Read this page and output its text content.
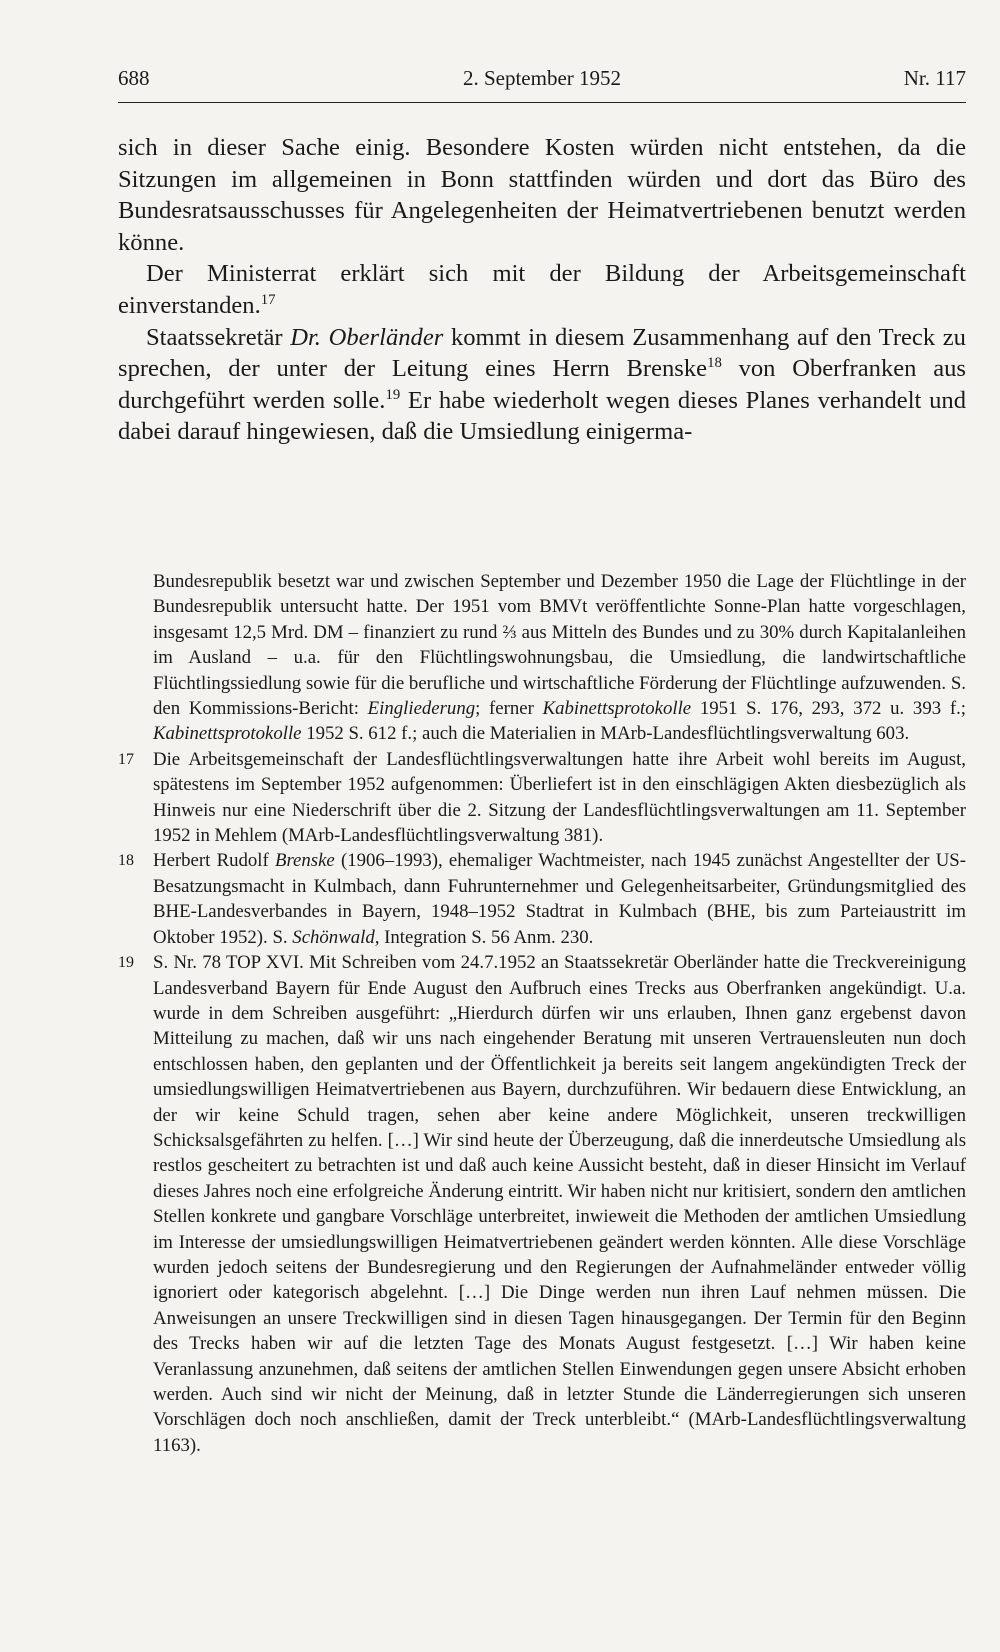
688	2. September 1952	Nr. 117

sich in dieser Sache einig. Besondere Kosten würden nicht entstehen, da die Sitzungen im allgemeinen in Bonn stattfinden würden und dort das Büro des Bundesratsausschusses für Angelegenheiten der Heimatvertriebenen benutzt werden könne.

Der Ministerrat erklärt sich mit der Bildung der Arbeitsgemeinschaft einverstanden.$^{17}$

Staatssekretär Dr. Oberländer kommt in diesem Zusammenhang auf den Treck zu sprechen, der unter der Leitung eines Herrn Brenske$^{18}$ von Oberfranken aus durchgeführt werden solle.$^{19}$ Er habe wiederholt wegen dieses Planes verhandelt und dabei darauf hingewiesen, daß die Umsiedlung einigerma-

Bundesrepublik besetzt war und zwischen September und Dezember 1950 die Lage der Flüchtlinge in der Bundesrepublik untersucht hatte. Der 1951 vom BMVt veröffentlichte Sonne-Plan hatte vorgeschlagen, insgesamt 12,5 Mrd. DM – finanziert zu rund ⅔ aus Mitteln des Bundes und zu 30% durch Kapitalanleihen im Ausland – u.a. für den Flüchtlingswohnungsbau, die Umsiedlung, die landwirtschaftliche Flüchtlingssiedlung sowie für die berufliche und wirtschaftliche Förderung der Flüchtlinge aufzuwenden. S. den Kommissions-Bericht: Eingliederung; ferner Kabinettsprotokolle 1951 S. 176, 293, 372 u. 393 f.; Kabinettsprotokolle 1952 S. 612 f.; auch die Materialien in MArb-Landesflüchtlingsverwaltung 603.

17 Die Arbeitsgemeinschaft der Landesflüchtlingsverwaltungen hatte ihre Arbeit wohl bereits im August, spätestens im September 1952 aufgenommen: Überliefert ist in den einschlägigen Akten diesbezüglich als Hinweis nur eine Niederschrift über die 2. Sitzung der Landesflüchtlingsverwaltungen am 11. September 1952 in Mehlem (MArb-Landesflüchtlingsverwaltung 381).

18 Herbert Rudolf Brenske (1906–1993), ehemaliger Wachtmeister, nach 1945 zunächst Angestellter der US-Besatzungsmacht in Kulmbach, dann Fuhrunternehmer und Gelegenheitsarbeiter, Gründungsmitglied des BHE-Landesverbandes in Bayern, 1948–1952 Stadtrat in Kulmbach (BHE, bis zum Parteiaustritt im Oktober 1952). S. Schönwald, Integration S. 56 Anm. 230.

19 S. Nr. 78 TOP XVI. Mit Schreiben vom 24.7.1952 an Staatssekretär Oberländer hatte die Treckvereinigung Landesverband Bayern für Ende August den Aufbruch eines Trecks aus Oberfranken angekündigt. U.a. wurde in dem Schreiben ausgeführt: „Hierdurch dürfen wir uns erlauben, Ihnen ganz ergebenst davon Mitteilung zu machen, daß wir uns nach eingehender Beratung mit unseren Vertrauensleuten nun doch entschlossen haben, den geplanten und der Öffentlichkeit ja bereits seit langem angekündigten Treck der umsiedlungswilligen Heimatvertriebenen aus Bayern, durchzuführen. Wir bedauern diese Entwicklung, an der wir keine Schuld tragen, sehen aber keine andere Möglichkeit, unseren treckwilligen Schicksalsgefährten zu helfen. […] Wir sind heute der Überzeugung, daß die innerdeutsche Umsiedlung als restlos gescheitert zu betrachten ist und daß auch keine Aussicht besteht, daß in dieser Hinsicht im Verlauf dieses Jahres noch eine erfolgreiche Änderung eintritt. Wir haben nicht nur kritisiert, sondern den amtlichen Stellen konkrete und gangbare Vorschläge unterbreitet, inwieweit die Methoden der amtlichen Umsiedlung im Interesse der umsiedlungswilligen Heimatvertriebenen geändert werden könnten. Alle diese Vorschläge wurden jedoch seitens der Bundesregierung und den Regierungen der Aufnahmeländer entweder völlig ignoriert oder kategorisch abgelehnt. […] Die Dinge werden nun ihren Lauf nehmen müssen. Die Anweisungen an unsere Treckwilligen sind in diesen Tagen hinausgegangen. Der Termin für den Beginn des Trecks haben wir auf die letzten Tage des Monats August festgesetzt. […] Wir haben keine Veranlassung anzunehmen, daß seitens der amtlichen Stellen Einwendungen gegen unsere Absicht erhoben werden. Auch sind wir nicht der Meinung, daß in letzter Stunde die Länderregierungen sich unseren Vorschlägen doch noch anschließen, damit der Treck unterbleibt.“ (MArb-Landesflüchtlingsverwaltung 1163).
